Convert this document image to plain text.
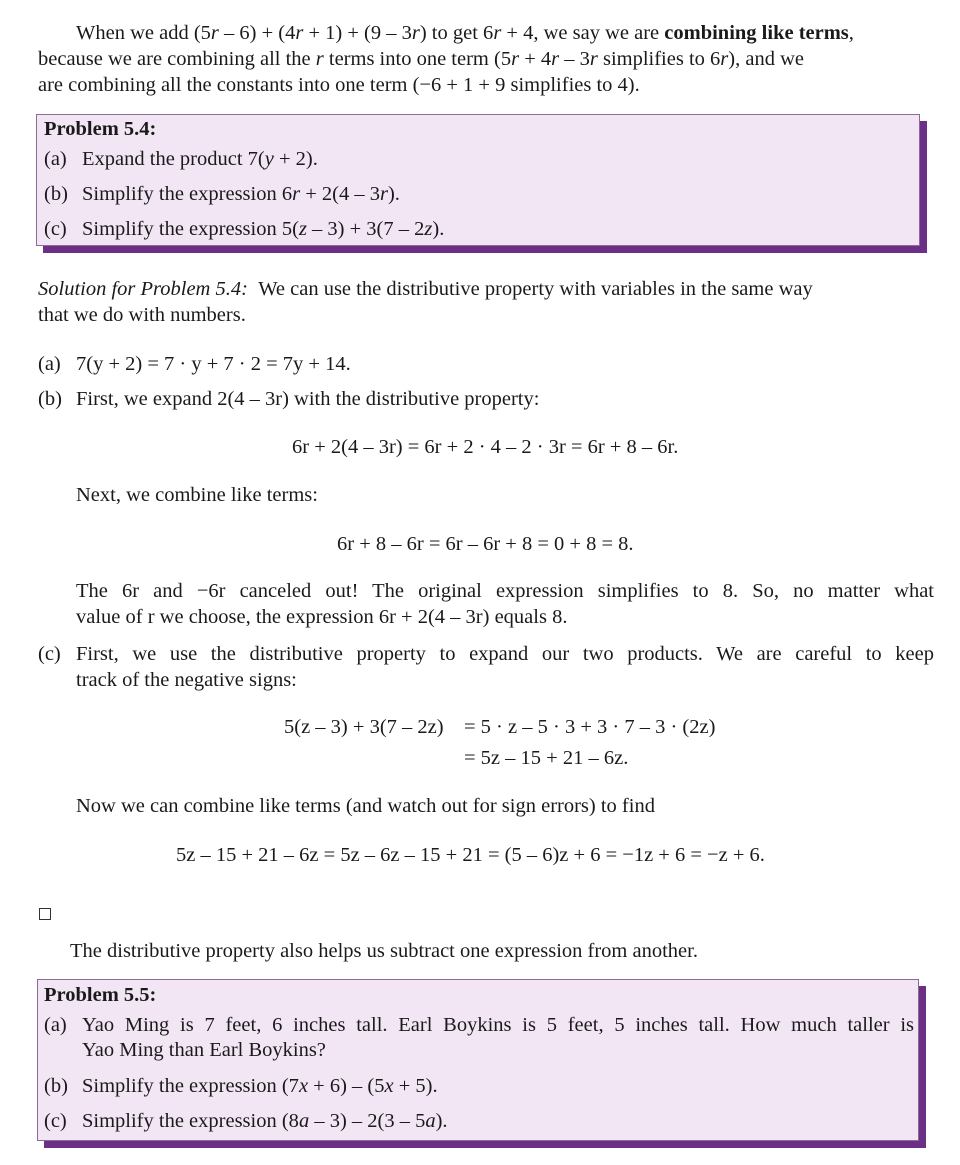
When we add (5r – 6) + (4r + 1) + (9 – 3r) to get 6r + 4, we say we are combining like terms,
because we are combining all the r terms into one term (5r + 4r – 3r simplifies to 6r), and we
are combining all the constants into one term (−6 + 1 + 9 simplifies to 4).
Problem 5.4:
(a) Expand the product 7(y + 2).
(b) Simplify the expression 6r + 2(4 – 3r).
(c) Simplify the expression 5(z – 3) + 3(7 – 2z).
Solution for Problem 5.4: We can use the distributive property with variables in the same way
that we do with numbers.
(a) 7(y + 2) = 7 · y + 7 · 2 = 7y + 14.
(b) First, we expand 2(4 – 3r) with the distributive property:
6r + 2(4 – 3r) = 6r + 2 · 4 – 2 · 3r = 6r + 8 – 6r.
Next, we combine like terms:
6r + 8 – 6r = 6r – 6r + 8 = 0 + 8 = 8.
The 6r and −6r canceled out! The original expression simplifies to 8. So, no matter what
value of r we choose, the expression 6r + 2(4 – 3r) equals 8.
(c) First, we use the distributive property to expand our two products. We are careful to keep
track of the negative signs:
5(z – 3) + 3(7 – 2z) = 5 · z – 5 · 3 + 3 · 7 – 3 · (2z)
= 5z – 15 + 21 – 6z.
Now we can combine like terms (and watch out for sign errors) to find
5z – 15 + 21 – 6z = 5z – 6z – 15 + 21 = (5 – 6)z + 6 = −1z + 6 = −z + 6.
The distributive property also helps us subtract one expression from another.
Problem 5.5:
(a) Yao Ming is 7 feet, 6 inches tall. Earl Boykins is 5 feet, 5 inches tall. How much taller is
Yao Ming than Earl Boykins?
(b) Simplify the expression (7x + 6) – (5x + 5).
(c) Simplify the expression (8a – 3) – 2(3 – 5a).
